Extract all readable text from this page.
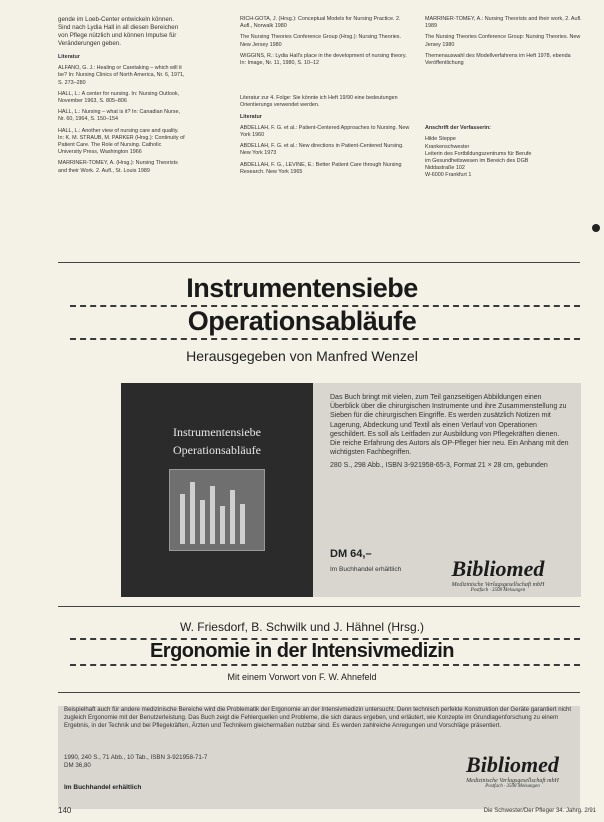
gende im Loeb-Center entwickeln können. Sind nach Lydia Hall in all diesen Bereichen von Pflege nützlich und können Impulse für Veränderungen geben.

Literatur

ALFANO, G. J.: Healing or Caretaking – which will it be? In: Nursing Clinics of North America, Nr. 6, 1971, S. 273–280

HALL, L.: A center for nursing. In: Nursing Outlook, November 1963, S. 805–806

HALL, L.: Nursing – what is it? In: Canadian Nurse, Nr. 60, 1964, S. 150–154

HALL, L.: Another view of nursing care and quality. In: K. M. STRAUB, M. PARKER (Hrsg.): Continuity of Patient Care. The Role of Nursing. Catholic University Press, Washington 1966

MARRINER-TOMEY, A. (Hrsg.): Nursing Theorists and their Work. 2. Aufl., St. Louis 1989

RICH-GOTA, J. (Hrsg.): Conceptual Models for Nursing Practice. 2. Aufl., Norwalk 1980

The Nursing Theories Conference Group (Hrsg.): Nursing Theories. New Jersey 1980

WIGGINS, R.: Lydia Hall's place in the development of nursing theory. In: Image, Nr. 11, 1980, S. 10–12

Literatur zur 4. Folge: Sie könnte ich Heft 19/90 eine bedeutungen Orientierungs verwendet werden.

Literatur

ABDELLAH, F. G. et al.: Patient-Centered Approaches to Nursing. New York 1960

ABDELLAH, F. G. et al.: New directions in Patient-Centered Nursing. New York 1973

ABDELLAH, F. G., LEVINE, E.: Better Patient Care through Nursing Research. New York 1965

MARRINER-TOMEY, A.: Nursing Theorists and their work, 2. Aufl. 1989

The Nursing Theories Conference Group: Nursing Theories. New Jersey 1980

Themenauswahl des Modellverfahrens im Heft 1978, ebenda Veröffentlichung

Anschrift der Verfasserin:

Hilde Steppe
Krankenschwester
Leiterin des Fortbildungszentrums für Berufe
im Gesundheitswesen im Bereich des DGB
Niddastraße 102
W-6000 Frankfurt 1
Instrumentensiebe
Operationsabläufe
Herausgegeben von Manfred Wenzel
Instrumentensiebe
Operationsabläufe
Das Buch bringt mit vielen, zum Teil ganzseitigen Abbildungen einen Überblick über die chirurgischen Instrumente und ihre Zusammenstellung zu Sieben für die chirurgischen Eingriffe. Es werden zusätzlich Notizen mit Lagerung, Abdeckung und Textil als einen Verlauf von Operationen geschildert. Es soll als Leitfaden zur Ausbildung von Pflegekräften dienen. Die reiche Erfahrung des Autors als OP-Pfleger hier neu. Ein Anhang mit den wichtigsten Fachbegriffen.
280 S., 298 Abb., ISBN 3-921958-65-3, Format 21 × 28 cm, gebunden
DM 64,–
Im Buchhandel erhältlich	Bibliomed
Medizinische Verlagsgesellschaft mbH
Postfach · 3508 Melsungen
W. Friesdorf, B. Schwilk und J. Hähnel (Hrsg.)
Ergonomie in der Intensivmedizin
Mit einem Vorwort von F. W. Ahnefeld
Beispielhaft auch für andere medizinische Bereiche wird die Problematik der Ergonomie an der Intensivmedizin untersucht. Denn technisch perfekte Konstruktion der Geräte garantiert nicht zugleich Ergonomie mit der Benutzerleistung. Das Buch zeigt die Fehlerquellen und Probleme, die sich daraus ergeben, und erläutert, wie Konzepte im Grundlagenforschung zu einem Ergebnis, in der Technik und bei Pflegekräften, Ärzten und Technikern gleichermaßen nutzbar sind. Es werden zahlreiche Anregungen und Vorschläge präsentiert.
1990, 240 S., 71 Abb., 10 Tab., ISBN 3-921958-71-7
DM 36,80
Im Buchhandel erhältlich
Bibliomed
Medizinische Verlagsgesellschaft mbH
Postfach · 3508 Melsungen
140	Die Schwester/Der Pfleger 34. Jahrg. 2/91
